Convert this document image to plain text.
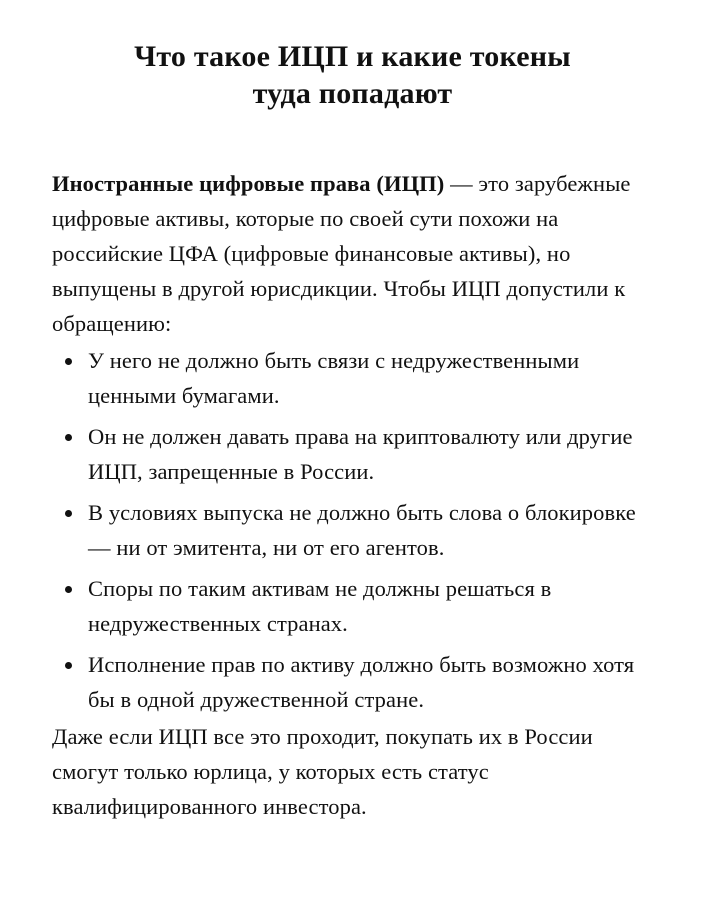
Что такое ИЦП и какие токены
туда попадают

Иностранные цифровые права (ИЦП) — это зарубежные цифровые активы, которые по своей сути похожи на российские ЦФА (цифровые финансовые активы), но выпущены в другой юрисдикции. Чтобы ИЦП допустили к обращению:

У него не должно быть связи с недружественными ценными бумагами.
Он не должен давать права на криптовалюту или другие ИЦП, запрещенные в России.
В условиях выпуска не должно быть слова о блокировке — ни от эмитента, ни от его агентов.
Споры по таким активам не должны решаться в недружественных странах.
Исполнение прав по активу должно быть возможно хотя бы в одной дружественной стране.

Даже если ИЦП все это проходит, покупать их в России смогут только юрлица, у которых есть статус квалифицированного инвестора.
